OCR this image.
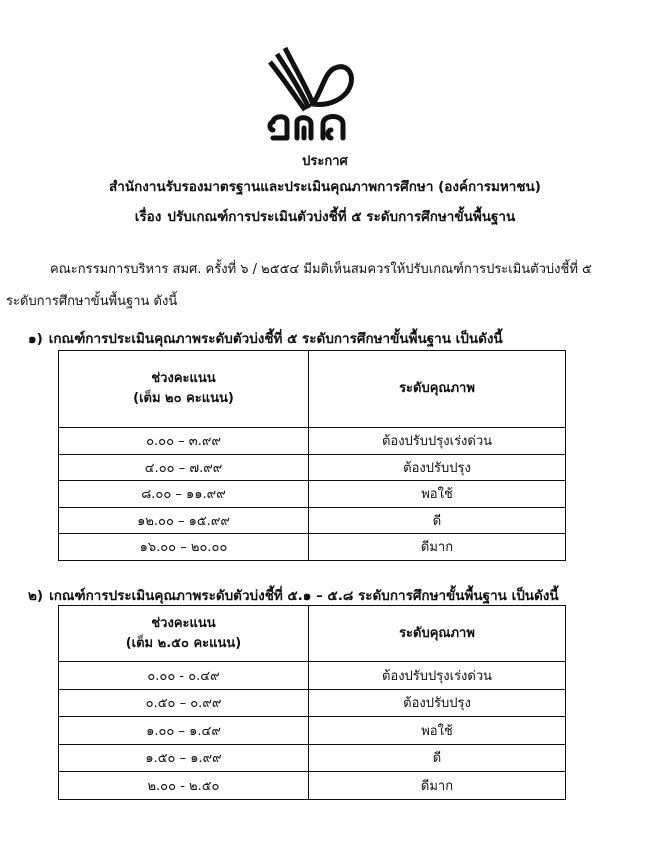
ประกาศ
สำนักงานรับรองมาตรฐานและประเมินคุณภาพการศึกษา (องค์การมหาชน)
เรื่อง ปรับเกณฑ์การประเมินตัวบ่งชี้ที่ ๕ ระดับการศึกษาขั้นพื้นฐาน
คณะกรรมการบริหาร สมศ. ครั้งที่ ๖ / ๒๕๕๔ มีมติเห็นสมควรให้ปรับเกณฑ์การประเมินตัวบ่งชี้ที่ ๕
ระดับการศึกษาขั้นพื้นฐาน ดังนี้
๑) เกณฑ์การประเมินคุณภาพระดับตัวบ่งชี้ที่ ๕ ระดับการศึกษาขั้นพื้นฐาน เป็นดังนี้
ช่วงคะแนน
(เต็ม ๒๐ คะแนน)	ระดับคุณภาพ
๐.๐๐ – ๓.๙๙	ต้องปรับปรุงเร่งด่วน
๔.๐๐ – ๗.๙๙	ต้องปรับปรุง
๘.๐๐ – ๑๑.๙๙	พอใช้
๑๒.๐๐ – ๑๕.๙๙	ดี
๑๖.๐๐ – ๒๐.๐๐	ดีมาก
๒) เกณฑ์การประเมินคุณภาพระดับตัวบ่งชี้ที่ ๕.๑ – ๕.๘ ระดับการศึกษาขั้นพื้นฐาน เป็นดังนี้
ช่วงคะแนน
(เต็ม ๒.๕๐ คะแนน)	ระดับคุณภาพ
๐.๐๐ - ๐.๔๙	ต้องปรับปรุงเร่งด่วน
๐.๕๐ – ๐.๙๙	ต้องปรับปรุง
๑.๐๐ – ๑.๔๙	พอใช้
๑.๕๐ – ๑.๙๙	ดี
๒.๐๐ - ๒.๕๐	ดีมาก
